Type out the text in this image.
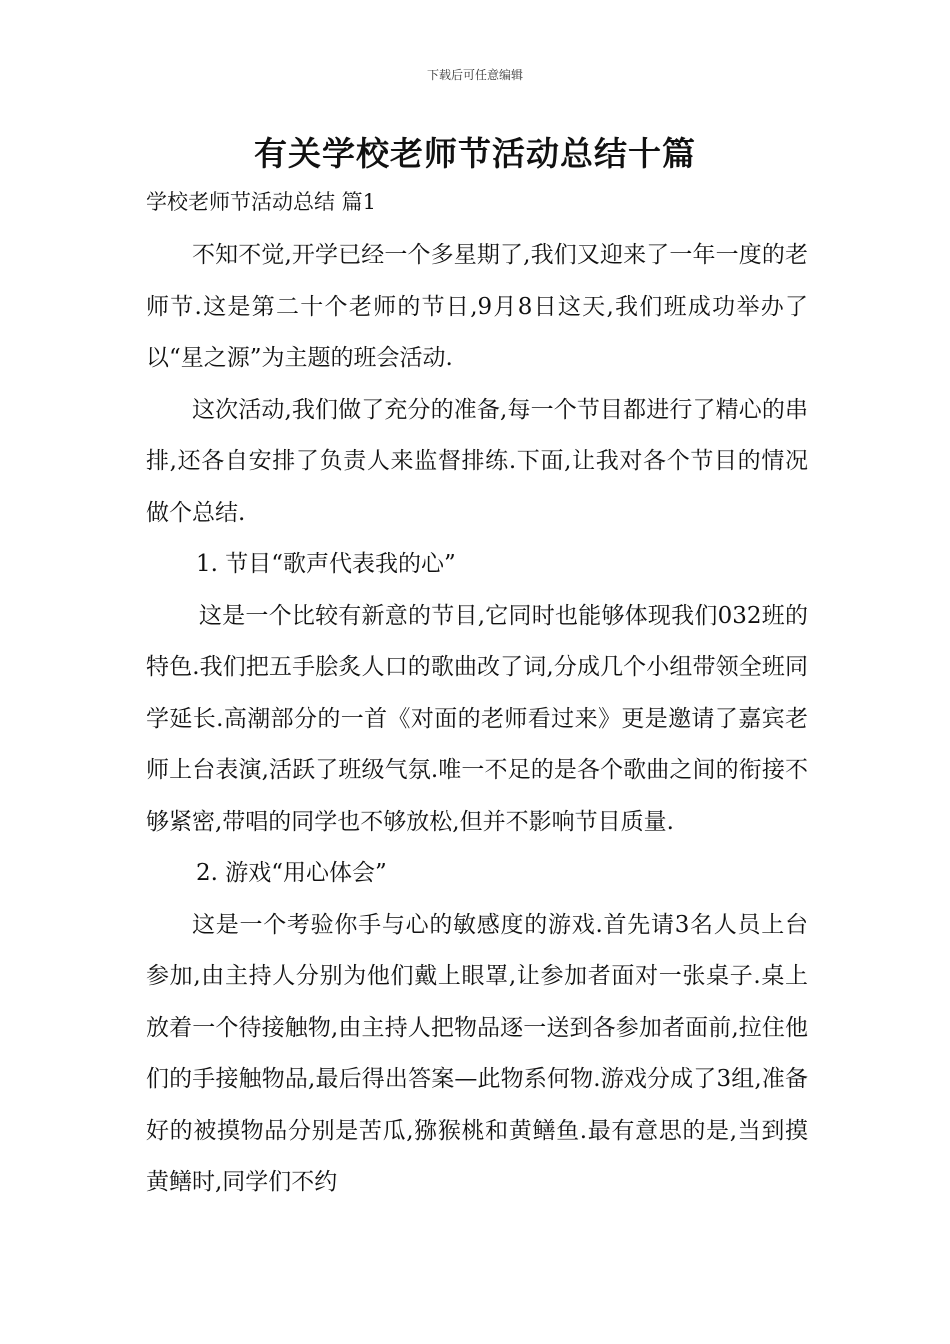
下载后可任意编辑
有关学校老师节活动总结十篇
学校老师节活动总结 篇1

不知不觉,开学已经一个多星期了,我们又迎来了一年一度的老师节.这是第二十个老师的节日,9月8日这天,我们班成功举办了以“星之源”为主题的班会活动.

这次活动,我们做了充分的准备,每一个节目都进行了精心的串排,还各自安排了负责人来监督排练.下面,让我对各个节目的情况做个总结.

1. 节目“歌声代表我的心”

这是一个比较有新意的节目,它同时也能够体现我们032班的特色.我们把五手脍炙人口的歌曲改了词,分成几个小组带领全班同学延长.高潮部分的一首《对面的老师看过来》更是邀请了嘉宾老师上台表演,活跃了班级气氛.唯一不足的是各个歌曲之间的衔接不够紧密,带唱的同学也不够放松,但并不影响节目质量.

2. 游戏“用心体会”

这是一个考验你手与心的敏感度的游戏.首先请3名人员上台参加,由主持人分别为他们戴上眼罩,让参加者面对一张桌子.桌上放着一个待接触物,由主持人把物品逐一送到各参加者面前,拉住他们的手接触物品,最后得出答案—此物系何物.游戏分成了3组,准备好的被摸物品分别是苦瓜,猕猴桃和黄鳝鱼.最有意思的是,当到摸黄鳝时,同学们不约
